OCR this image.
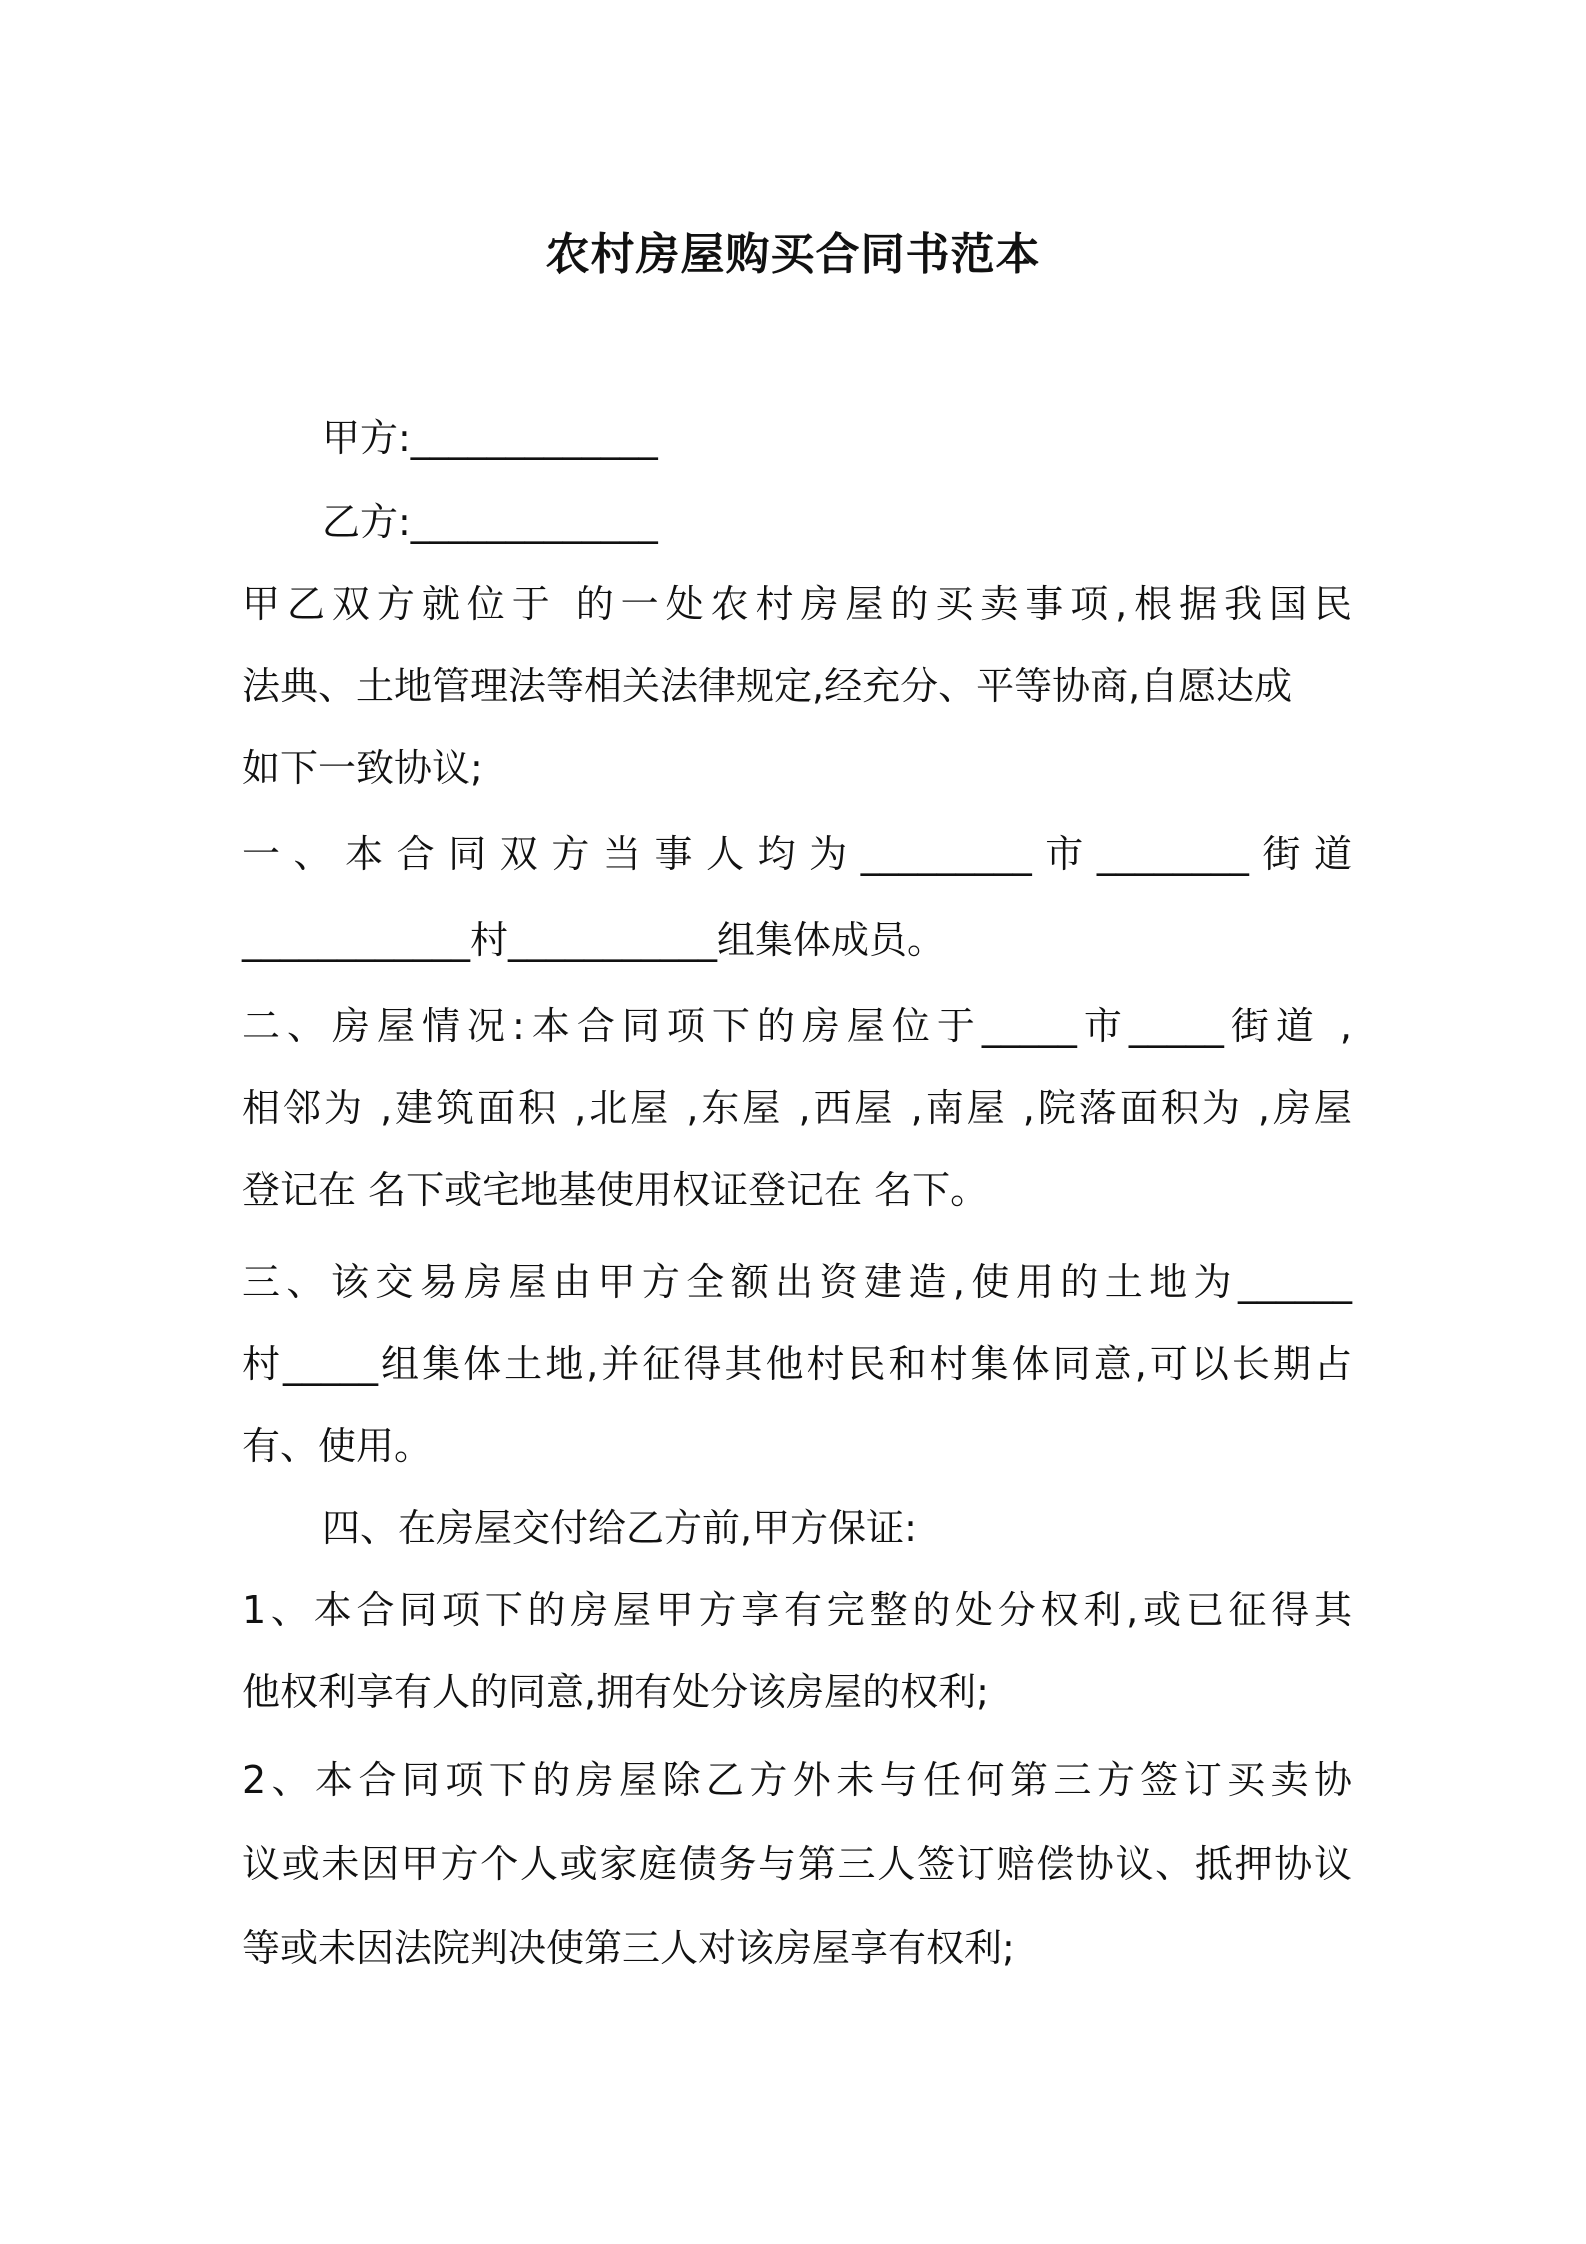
农村房屋购买合同书范本
甲方:_____________
乙方:_____________
甲乙双方就位于 的一处农村房屋的买卖事项,根据我国民
法典、土地管理法等相关法律规定,经充分、平等协商,自愿达成
如下一致协议;
一、本合同双方当事人均为_________市________街道
____________村___________组集体成员。
二、房屋情况:本合同项下的房屋位于_____市_____街道 ,
相邻为 ,建筑面积 ,北屋 ,东屋 ,西屋 ,南屋 ,院落面积为 ,房屋
登记在 名下或宅地基使用权证登记在 名下。
三、该交易房屋由甲方全额出资建造,使用的土地为______
村_____组集体土地,并征得其他村民和村集体同意,可以长期占
有、使用。
四、在房屋交付给乙方前,甲方保证:
1、本合同项下的房屋甲方享有完整的处分权利,或已征得其
他权利享有人的同意,拥有处分该房屋的权利;
2、本合同项下的房屋除乙方外未与任何第三方签订买卖协
议或未因甲方个人或家庭债务与第三人签订赔偿协议、抵押协议
等或未因法院判决使第三人对该房屋享有权利;
